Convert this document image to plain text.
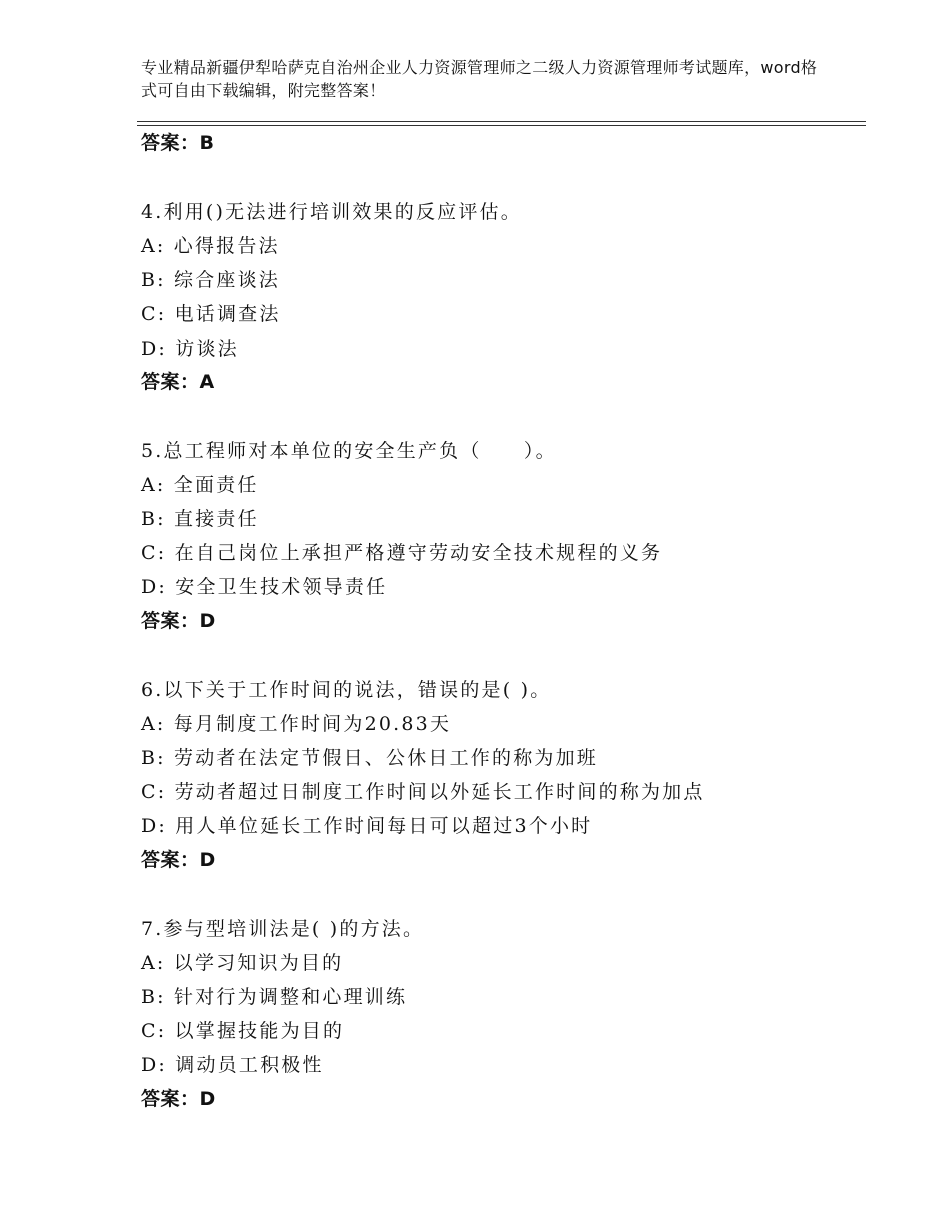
专业精品新疆伊犁哈萨克自治州企业人力资源管理师之二级人力资源管理师考试题库，word格式可自由下载编辑，附完整答案！
答案：B
4.利用()无法进行培训效果的反应评估。
A: 心得报告法
B: 综合座谈法
C: 电话调查法
D: 访谈法
答案：A
5.总工程师对本单位的安全生产负（　　）。
A: 全面责任
B: 直接责任
C: 在自己岗位上承担严格遵守劳动安全技术规程的义务
D: 安全卫生技术领导责任
答案：D
6.以下关于工作时间的说法，错误的是( )。
A: 每月制度工作时间为20.83天
B: 劳动者在法定节假日、公休日工作的称为加班
C: 劳动者超过日制度工作时间以外延长工作时间的称为加点
D: 用人单位延长工作时间每日可以超过3个小时
答案：D
7.参与型培训法是( )的方法。
A: 以学习知识为目的
B: 针对行为调整和心理训练
C: 以掌握技能为目的
D: 调动员工积极性
答案：D
